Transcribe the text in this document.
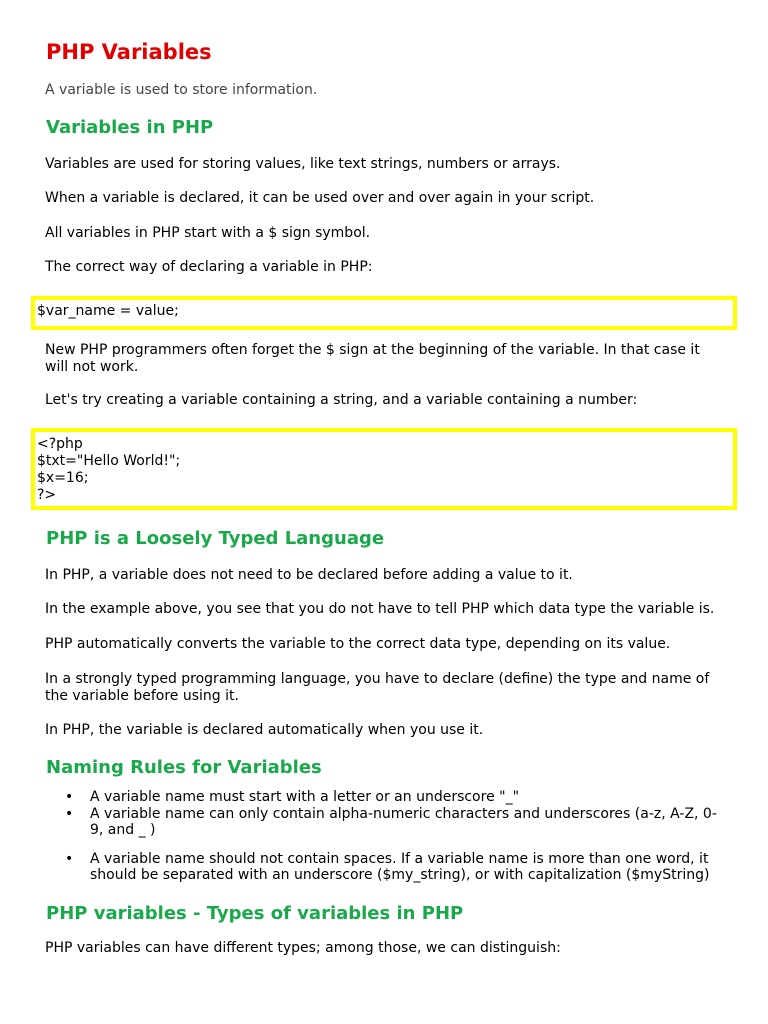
PHP Variables

A variable is used to store information.

Variables in PHP

Variables are used for storing values, like text strings, numbers or arrays.

When a variable is declared, it can be used over and over again in your script.

All variables in PHP start with a $ sign symbol.

The correct way of declaring a variable in PHP:

$var_name = value;

New PHP programmers often forget the $ sign at the beginning of the variable. In that case it will not work.

Let's try creating a variable containing a string, and a variable containing a number:

<?php
$txt="Hello World!";
$x=16;
?>
PHP is a Loosely Typed Language

In PHP, a variable does not need to be declared before adding a value to it.

In the example above, you see that you do not have to tell PHP which data type the variable is.

PHP automatically converts the variable to the correct data type, depending on its value.

In a strongly typed programming language, you have to declare (define) the type and name of the variable before using it.

In PHP, the variable is declared automatically when you use it.

Naming Rules for Variables
• A variable name must start with a letter or an underscore "_"
• A variable name can only contain alpha-numeric characters and underscores (a-z, A-Z, 0-9, and _ )
• A variable name should not contain spaces. If a variable name is more than one word, it should be separated with an underscore ($my_string), or with capitalization ($myString)
PHP variables - Types of variables in PHP

PHP variables can have different types; among those, we can distinguish:
